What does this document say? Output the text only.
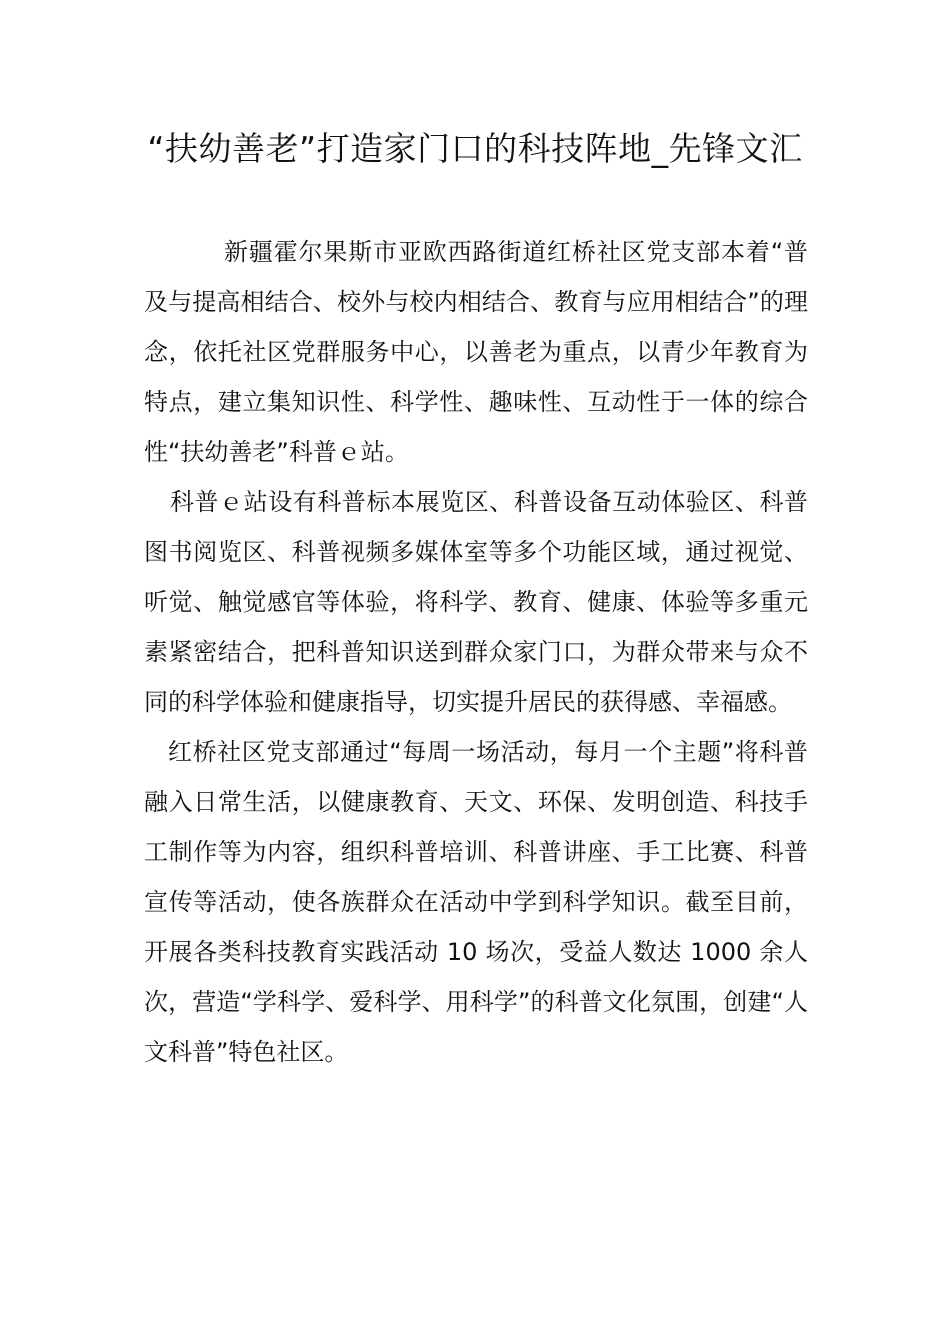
“扶幼善老”打造家门口的科技阵地_先锋文汇

新疆霍尔果斯市亚欧西路街道红桥社区党支部本着“普及与提高相结合、校外与校内相结合、教育与应用相结合”的理念，依托社区党群服务中心，以善老为重点，以青少年教育为特点，建立集知识性、科学性、趣味性、互动性于一体的综合性“扶幼善老”科普ｅ站。

科普ｅ站设有科普标本展览区、科普设备互动体验区、科普图书阅览区、科普视频多媒体室等多个功能区域，通过视觉、听觉、触觉感官等体验，将科学、教育、健康、体验等多重元素紧密结合，把科普知识送到群众家门口，为群众带来与众不同的科学体验和健康指导，切实提升居民的获得感、幸福感。

红桥社区党支部通过“每周一场活动，每月一个主题”将科普融入日常生活，以健康教育、天文、环保、发明创造、科技手工制作等为内容，组织科普培训、科普讲座、手工比赛、科普宣传等活动，使各族群众在活动中学到科学知识。截至目前，开展各类科技教育实践活动 10 场次，受益人数达 1000 余人次，营造“学科学、爱科学、用科学”的科普文化氛围，创建“人文科普”特色社区。
